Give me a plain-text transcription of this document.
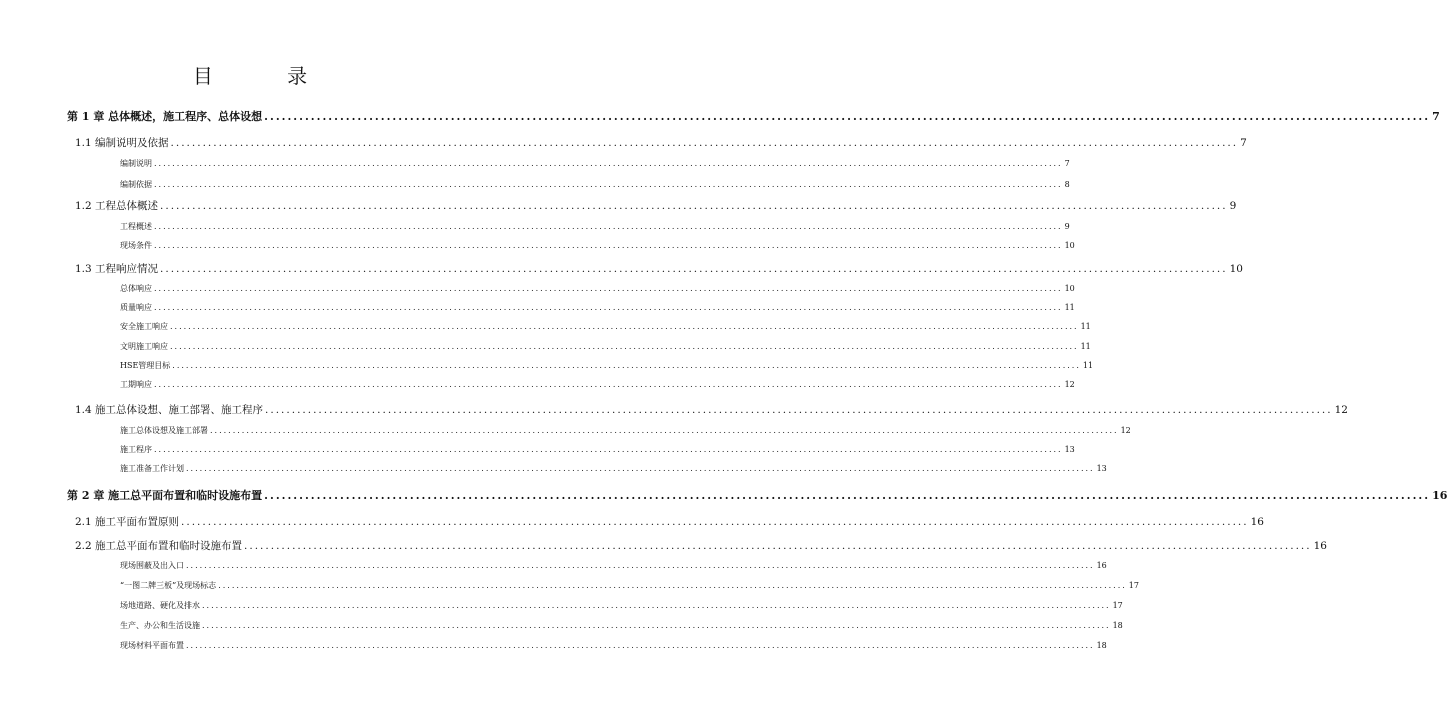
目 录
第 1 章 总体概述，施工程序、总体设想 ........................................................................................................................................................................................................ 7
1.1 编制说明及依据 ........................................................................................................................................................................................................ 7
编制说明 ........................................................................................................................................................................................................ 7
编制依据 ........................................................................................................................................................................................................ 8
1.2 工程总体概述 ........................................................................................................................................................................................................ 9
工程概述 ........................................................................................................................................................................................................ 9
现场条件 ........................................................................................................................................................................................................ 10
1.3 工程响应情况 ........................................................................................................................................................................................................ 10
总体响应 ........................................................................................................................................................................................................ 10
质量响应 ........................................................................................................................................................................................................ 11
安全施工响应 ........................................................................................................................................................................................................ 11
文明施工响应 ........................................................................................................................................................................................................ 11
HSE管理目标 ........................................................................................................................................................................................................ 11
工期响应 ........................................................................................................................................................................................................ 12
1.4 施工总体设想、施工部署、施工程序 ........................................................................................................................................................................................................ 12
施工总体设想及施工部署 ........................................................................................................................................................................................................ 12
施工程序 ........................................................................................................................................................................................................ 13
施工准备工作计划 ........................................................................................................................................................................................................ 13
第 2 章 施工总平面布置和临时设施布置 ........................................................................................................................................................................................................ 16
2.1 施工平面布置原则 ........................................................................................................................................................................................................ 16
2.2 施工总平面布置和临时设施布置 ........................................................................................................................................................................................................ 16
现场围蔽及出入口 ........................................................................................................................................................................................................ 16
“一图二牌三板”及现场标志 ........................................................................................................................................................................................................ 17
场地道路、硬化及排水 ........................................................................................................................................................................................................ 17
生产、办公和生活设施 ........................................................................................................................................................................................................ 18
现场材料平面布置 ........................................................................................................................................................................................................ 18
